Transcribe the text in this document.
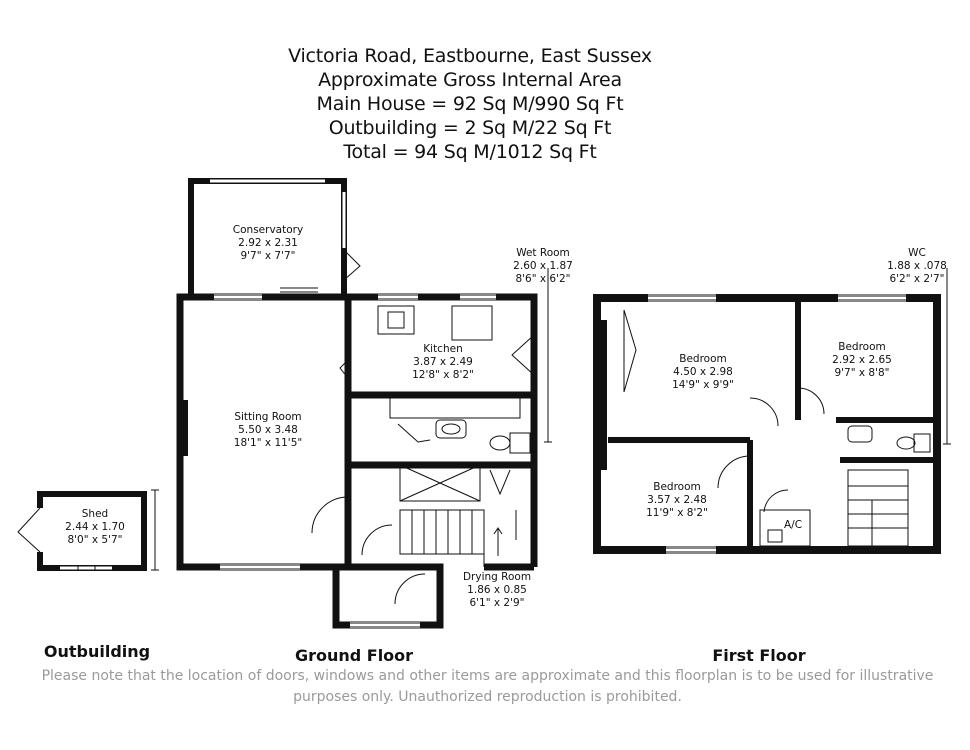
Victoria Road, Eastbourne, East Sussex
Approximate Gross Internal Area
Main House = 92 Sq M/990 Sq Ft
Outbuilding = 2 Sq M/22 Sq Ft
Total = 94 Sq M/1012 Sq Ft
Conservatory
2.92 x 2.31
9'7" x 7'7"
Sitting Room
5.50 x 3.48
18'1" x 11'5"
Kitchen
3.87 x 2.49
12'8" x 8'2"
Wet Room
2.60 x 1.87
8'6" x 6'2"
Drying Room
1.86 x 0.85
6'1" x 2'9"
Shed
2.44 x 1.70
8'0" x 5'7"
Bedroom
4.50 x 2.98
14'9" x 9'9"
Bedroom
2.92 x 2.65
9'7" x 8'8"
Bedroom
3.57 x 2.48
11'9" x 8'2"
WC
1.88 x .078
6'2" x 2'7"
A/C
Outbuilding	Ground Floor	First Floor
Please note that the location of doors, windows and other items are approximate and this floorplan is to be used for illustrative
purposes only. Unauthorized reproduction is prohibited.
